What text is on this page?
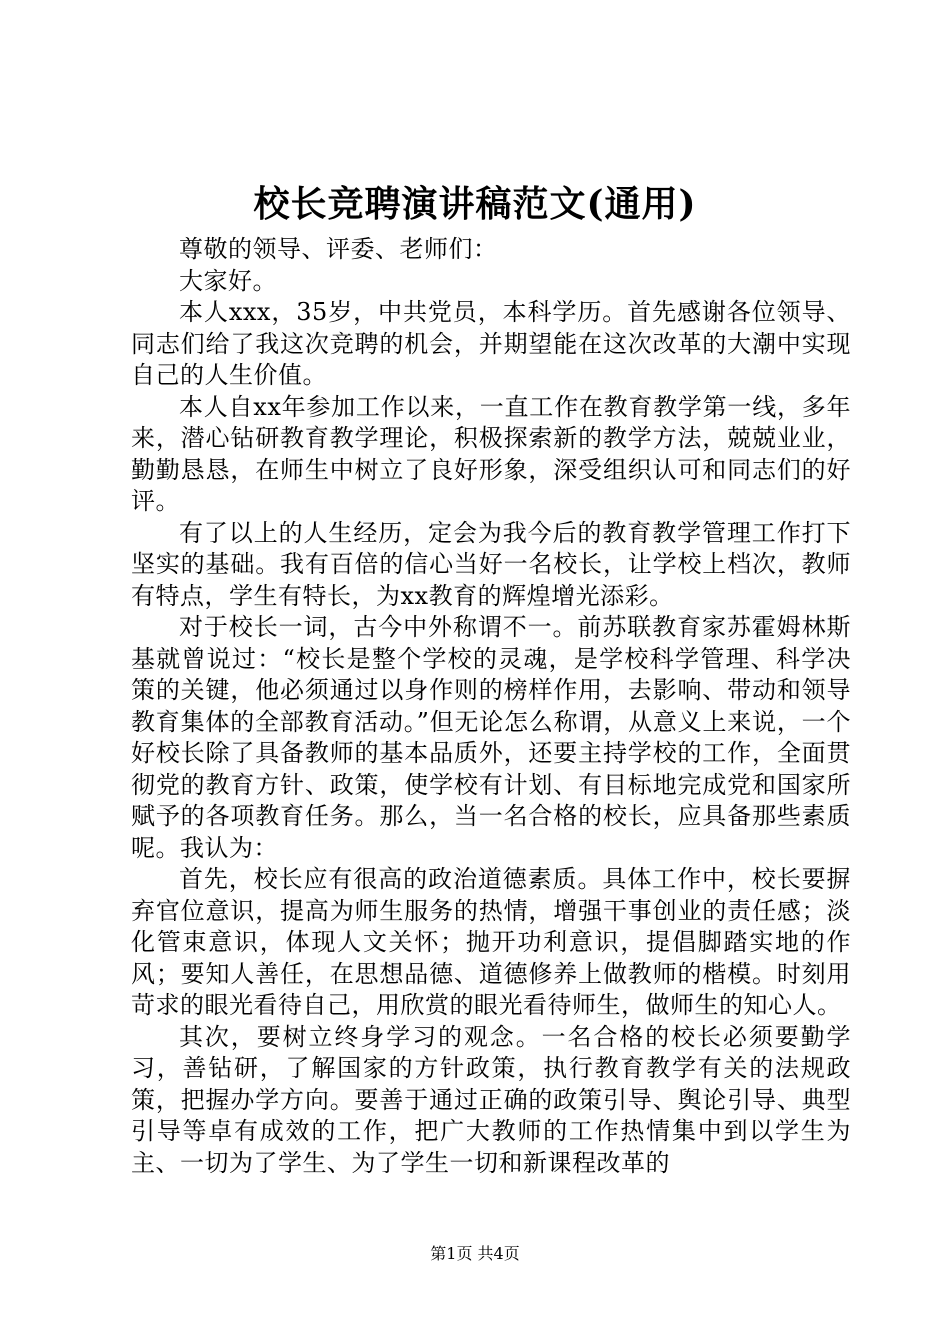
校长竞聘演讲稿范文(通用)

尊敬的领导、评委、老师们：

大家好。

本人xxx，35岁，中共党员，本科学历。首先感谢各位领导、同志们给了我这次竞聘的机会，并期望能在这次改革的大潮中实现自己的人生价值。

本人自xx年参加工作以来，一直工作在教育教学第一线，多年来，潜心钻研教育教学理论，积极探索新的教学方法，兢兢业业，勤勤恳恳，在师生中树立了良好形象，深受组织认可和同志们的好评。

有了以上的人生经历，定会为我今后的教育教学管理工作打下坚实的基础。我有百倍的信心当好一名校长，让学校上档次，教师有特点，学生有特长，为xx教育的辉煌增光添彩。

对于校长一词，古今中外称谓不一。前苏联教育家苏霍姆林斯基就曾说过：“校长是整个学校的灵魂，是学校科学管理、科学决策的关键，他必须通过以身作则的榜样作用，去影响、带动和领导教育集体的全部教育活动。”但无论怎么称谓，从意义上来说，一个好校长除了具备教师的基本品质外，还要主持学校的工作，全面贯彻党的教育方针、政策，使学校有计划、有目标地完成党和国家所赋予的各项教育任务。那么，当一名合格的校长，应具备那些素质呢。我认为：

首先，校长应有很高的政治道德素质。具体工作中，校长要摒弃官位意识，提高为师生服务的热情，增强干事创业的责任感；淡化管束意识，体现人文关怀；抛开功利意识，提倡脚踏实地的作风；要知人善任，在思想品德、道德修养上做教师的楷模。时刻用苛求的眼光看待自己，用欣赏的眼光看待师生，做师生的知心人。

其次，要树立终身学习的观念。一名合格的校长必须要勤学习，善钻研，了解国家的方针政策，执行教育教学有关的法规政策，把握办学方向。要善于通过正确的政策引导、舆论引导、典型引导等卓有成效的工作，把广大教师的工作热情集中到以学生为主、一切为了学生、为了学生一切和新课程改革的

第1页 共4页
